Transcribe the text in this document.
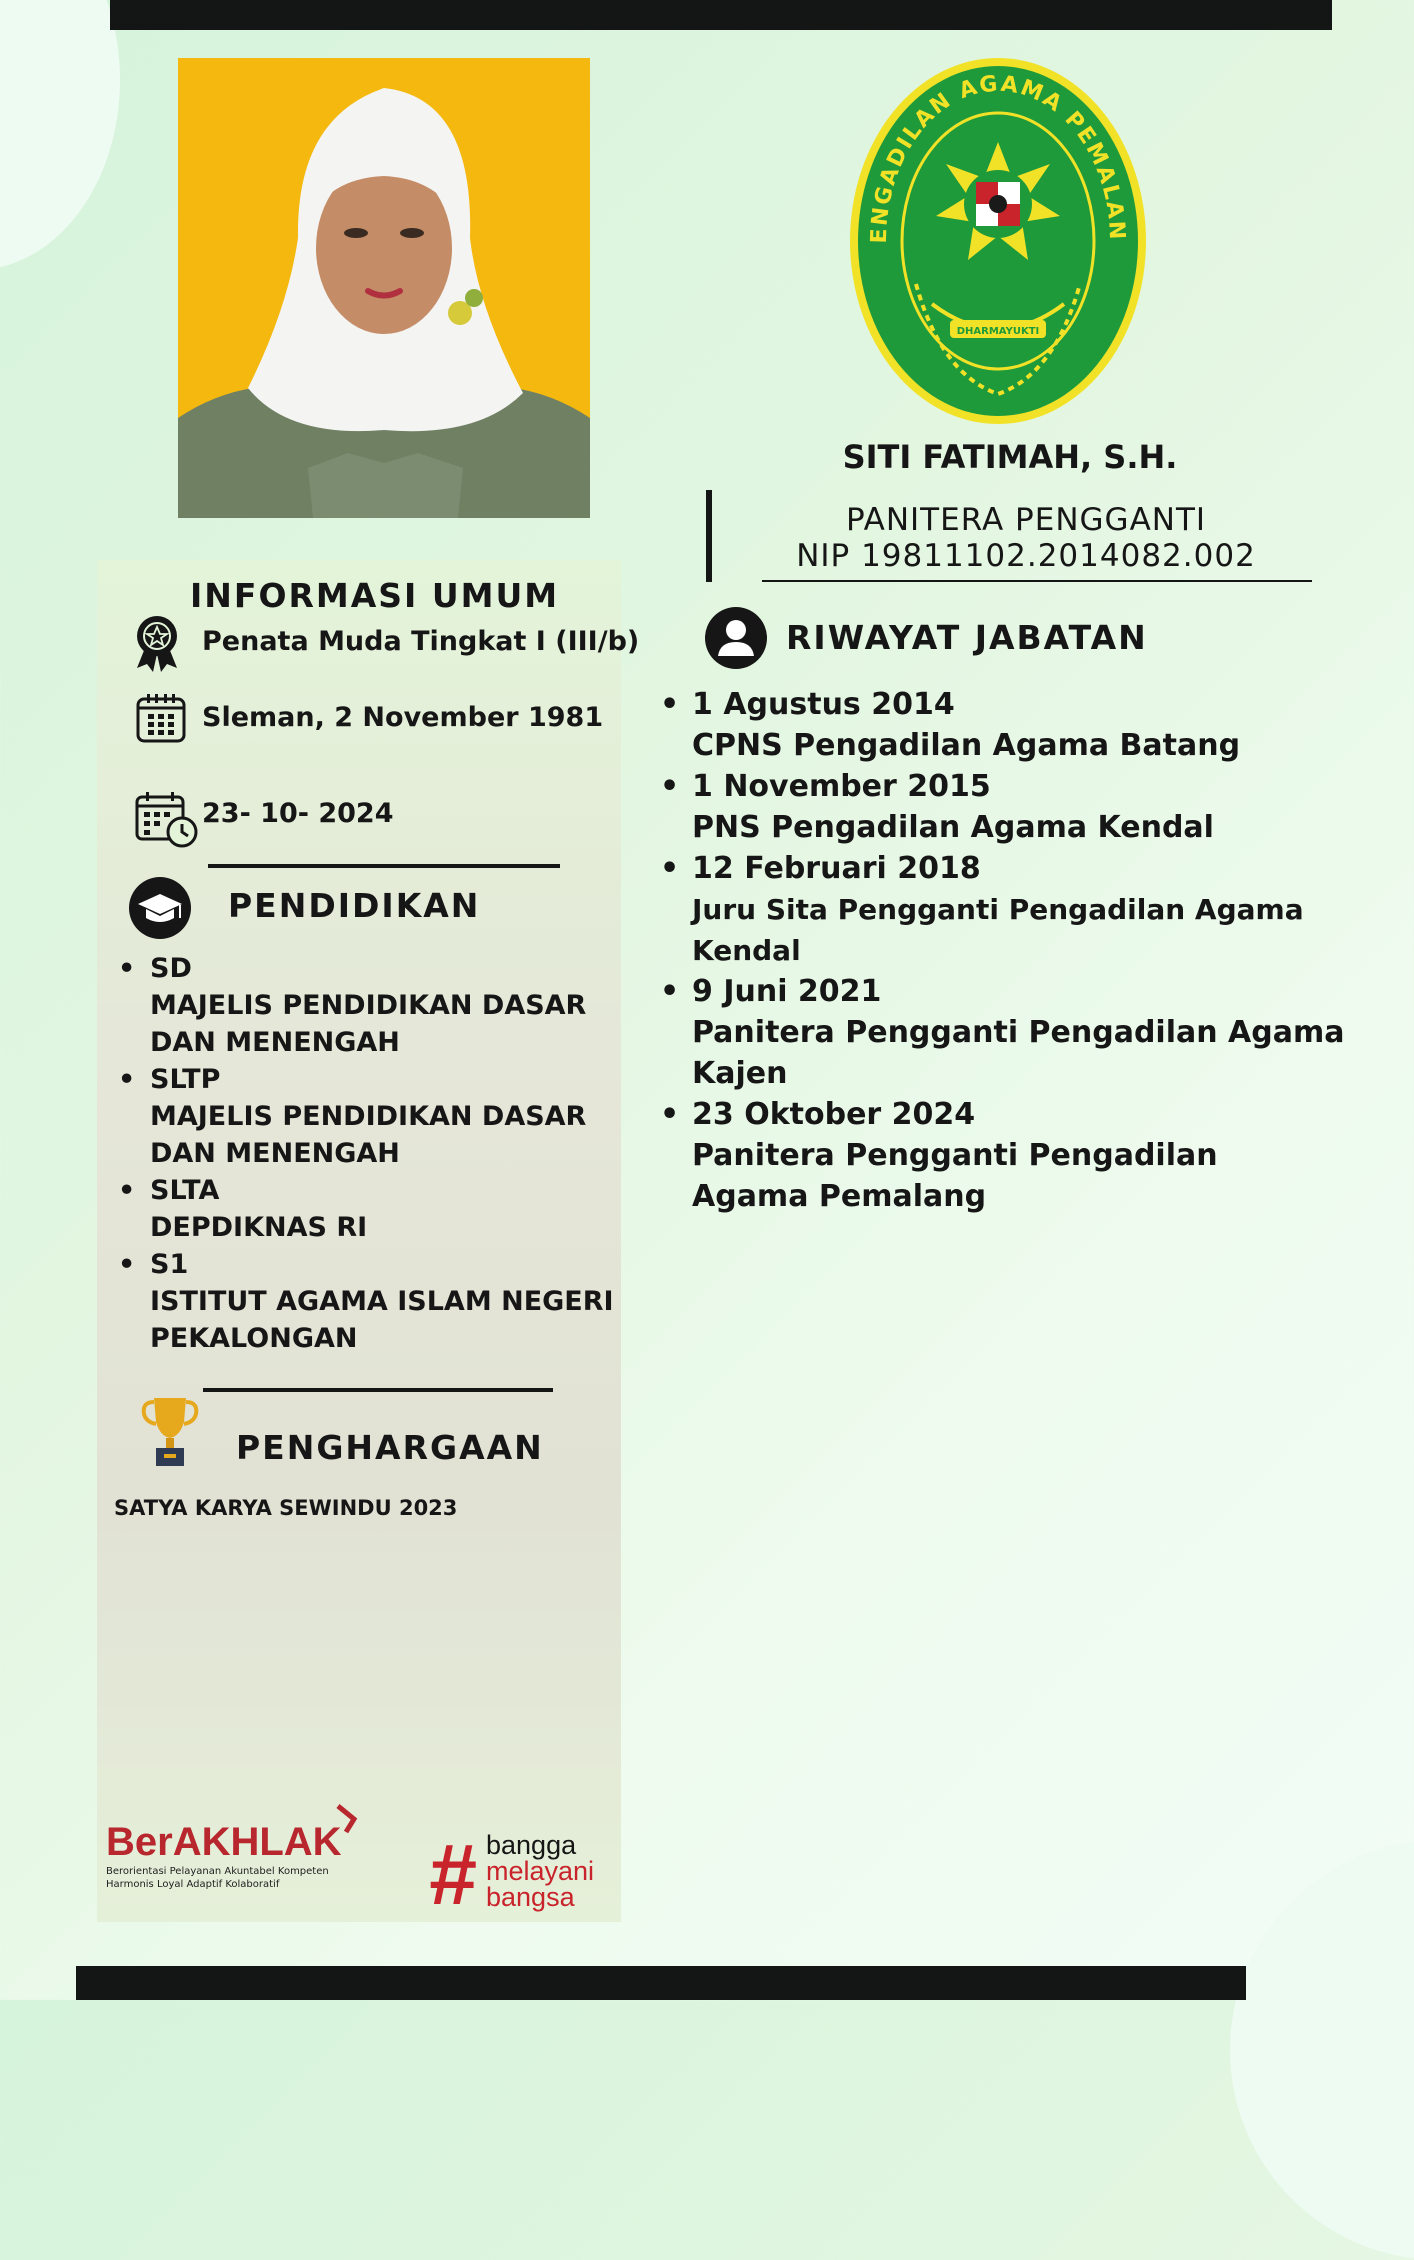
ENGADILAN AGAMA PEMALAN
DHARMAYUKTI
SITI FATIMAH, S.H.
PANITERA PENGGANTI
NIP 19811102.2014082.002
INFORMASI UMUM
Penata Muda Tingkat I (III/b)
Sleman, 2 November 1981
23- 10- 2024
PENDIDIKAN
• SD
MAJELIS PENDIDIKAN DASAR DAN MENENGAH
• SLTP
MAJELIS PENDIDIKAN DASAR DAN MENENGAH
• SLTA
DEPDIKNAS RI
• S1
ISTITUT AGAMA ISLAM NEGERI PEKALONGAN
PENGHARGAAN
SATYA KARYA SEWINDU 2023
RIWAYAT JABATAN
• 1 Agustus 2014
CPNS Pengadilan Agama Batang
• 1 November 2015
PNS Pengadilan Agama Kendal
• 12 Februari 2018
Juru Sita Pengganti Pengadilan Agama Kendal
• 9 Juni 2021
Panitera Pengganti Pengadilan Agama Kajen
• 23 Oktober 2024
Panitera Pengganti Pengadilan Agama Pemalang
BerAKHLAK
Berorientasi Pelayanan Akuntabel Kompeten
Harmonis Loyal Adaptif Kolaboratif	# bangga
melayani
bangsa
